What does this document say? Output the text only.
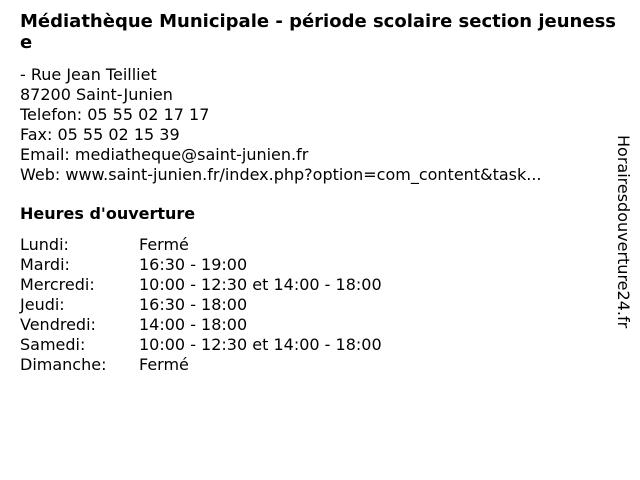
Médiathèque Municipale - période scolaire section jeunesse
- Rue Jean Teilliet
87200 Saint-Junien
Telefon: 05 55 02 17 17
Fax: 05 55 02 15 39
Email: mediatheque@saint-junien.fr
Web: www.saint-junien.fr/index.php?option=com_content&task...
Heures d'ouverture
Lundi:	Fermé
Mardi:	16:30 - 19:00
Mercredi:	10:00 - 12:30 et 14:00 - 18:00
Jeudi:	16:30 - 18:00
Vendredi:	14:00 - 18:00
Samedi:	10:00 - 12:30 et 14:00 - 18:00
Dimanche:	Fermé
Horairesdouverture24.fr
